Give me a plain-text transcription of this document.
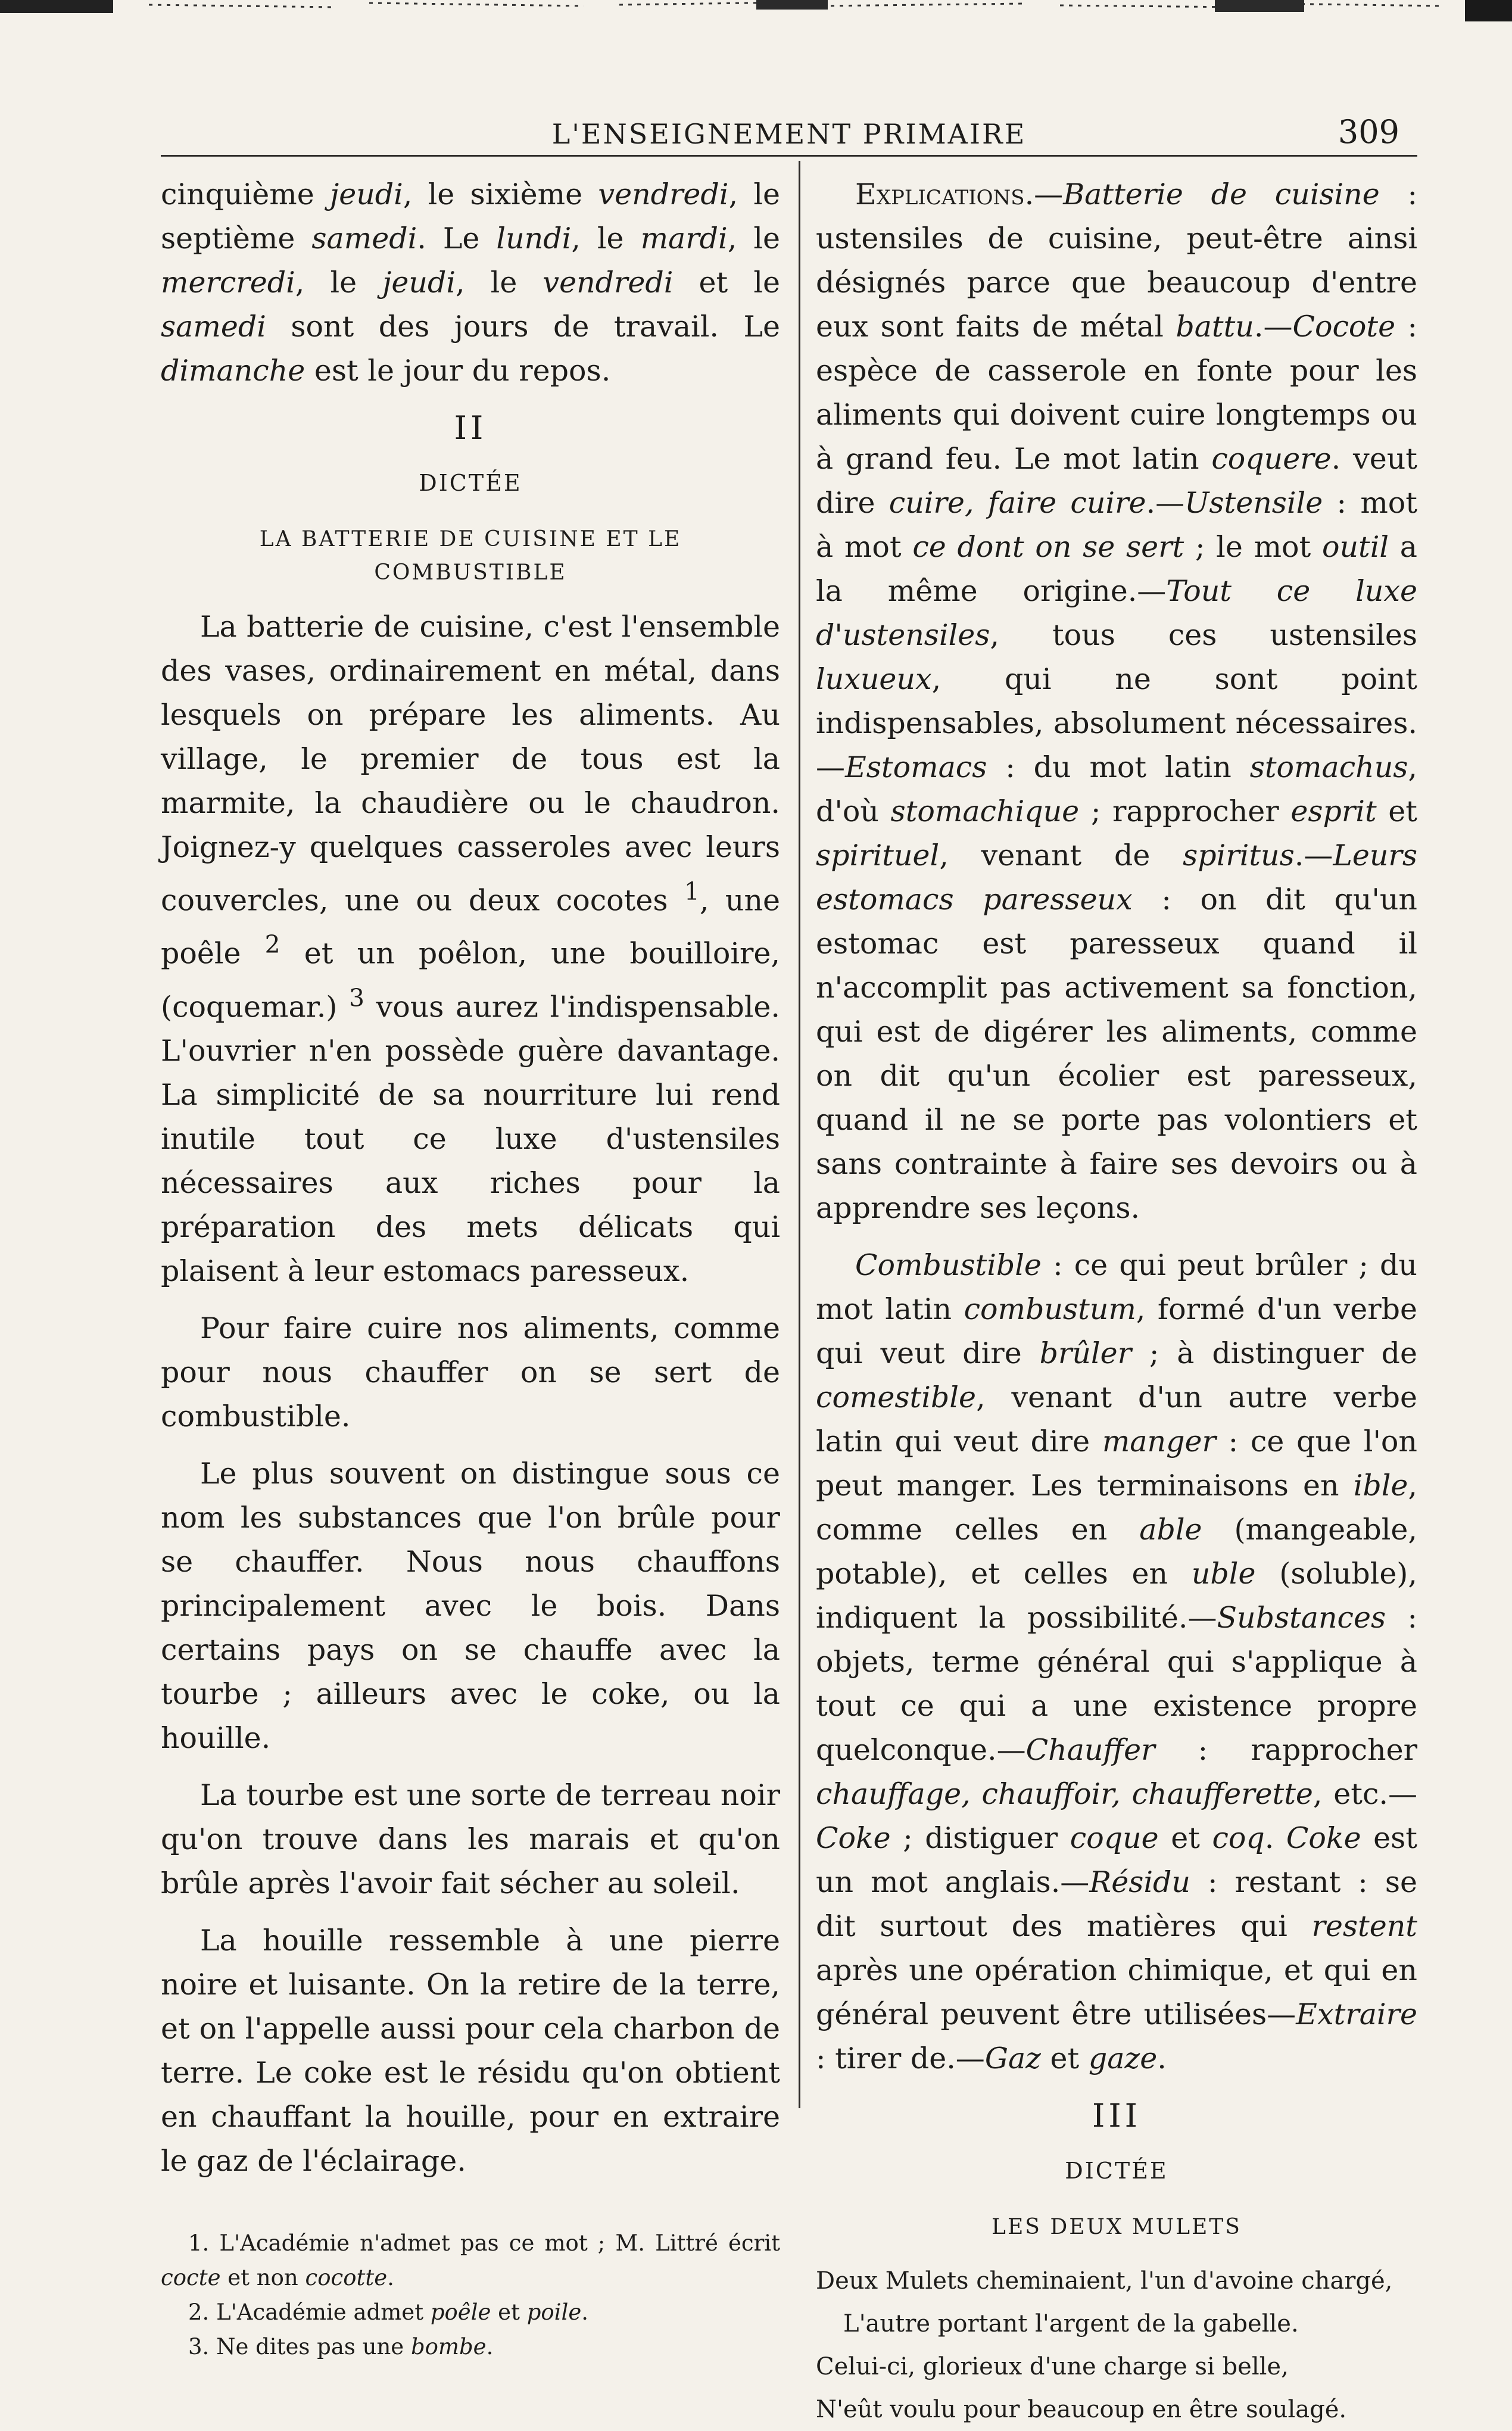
L'ENSEIGNEMENT PRIMAIRE	309

cinquième jeudi, le sixième vendredi, le septième samedi. Le lundi, le mardi, le mercredi, le jeudi, le vendredi et le samedi sont des jours de travail. Le dimanche est le jour du repos.

II
DICTÉE
LA BATTERIE DE CUISINE ET LE COMBUSTIBLE

La batterie de cuisine, c'est l'ensemble des vases, ordinairement en métal, dans lesquels on prépare les aliments. Au village, le premier de tous est la marmite, la chaudière ou le chaudron. Joignez-y quelques casseroles avec leurs couvercles, une ou deux cocotes $^1$, une poêle $^2$ et un poêlon, une bouilloire, (coquemar.) $^3$ vous aurez l'indispensable. L'ouvrier n'en possède guère davantage. La simplicité de sa nourriture lui rend inutile tout ce luxe d'ustensiles nécessaires aux riches pour la préparation des mets délicats qui plaisent à leur estomacs paresseux.

Pour faire cuire nos aliments, comme pour nous chauffer on se sert de combustible.

Le plus souvent on distingue sous ce nom les substances que l'on brûle pour se chauffer. Nous nous chauffons principalement avec le bois. Dans certains pays on se chauffe avec la tourbe ; ailleurs avec le coke, ou la houille.

La tourbe est une sorte de terreau noir qu'on trouve dans les marais et qu'on brûle après l'avoir fait sécher au soleil.

La houille ressemble à une pierre noire et luisante. On la retire de la terre, et on l'appelle aussi pour cela charbon de terre. Le coke est le résidu qu'on obtient en chauffant la houille, pour en extraire le gaz de l'éclairage.

1. L'Académie n'admet pas ce mot ; M. Littré écrit cocte et non cocotte.

2. L'Académie admet poêle et poile.

3. Ne dites pas une bombe.

Explications.—Batterie de cuisine : ustensiles de cuisine, peut-être ainsi désignés parce que beaucoup d'entre eux sont faits de métal battu.—Cocote : espèce de casserole en fonte pour les aliments qui doivent cuire longtemps ou à grand feu. Le mot latin coquere. veut dire cuire, faire cuire.—Ustensile : mot à mot ce dont on se sert ; le mot outil a la même origine.—Tout ce luxe d'ustensiles, tous ces ustensiles luxueux, qui ne sont point indispensables, absolument nécessaires.—Estomacs : du mot latin stomachus, d'où stomachique ; rapprocher esprit et spirituel, venant de spiritus.—Leurs estomacs paresseux : on dit qu'un estomac est paresseux quand il n'accomplit pas activement sa fonction, qui est de digérer les aliments, comme on dit qu'un écolier est paresseux, quand il ne se porte pas volontiers et sans contrainte à faire ses devoirs ou à apprendre ses leçons.

Combustible : ce qui peut brûler ; du mot latin combustum, formé d'un verbe qui veut dire brûler ; à distinguer de comestible, venant d'un autre verbe latin qui veut dire manger : ce que l'on peut manger. Les terminaisons en ible, comme celles en able (mangeable, potable), et celles en uble (soluble), indiquent la possibilité.—Substances : objets, terme général qui s'applique à tout ce qui a une existence propre quelconque.—Chauffer : rapprocher chauffage, chauffoir, chaufferette, etc.—Coke ; distiguer coque et coq. Coke est un mot anglais.—Résidu : restant : se dit surtout des matières qui restent après une opération chimique, et qui en général peuvent être utilisées—Extraire : tirer de.—Gaz et gaze.

III
DICTÉE
LES DEUX MULETS
Deux Mulets cheminaient, l'un d'avoine chargé,
L'autre portant l'argent de la gabelle.
Celui-ci, glorieux d'une charge si belle,
N'eût voulu pour beaucoup en être soulagé.
